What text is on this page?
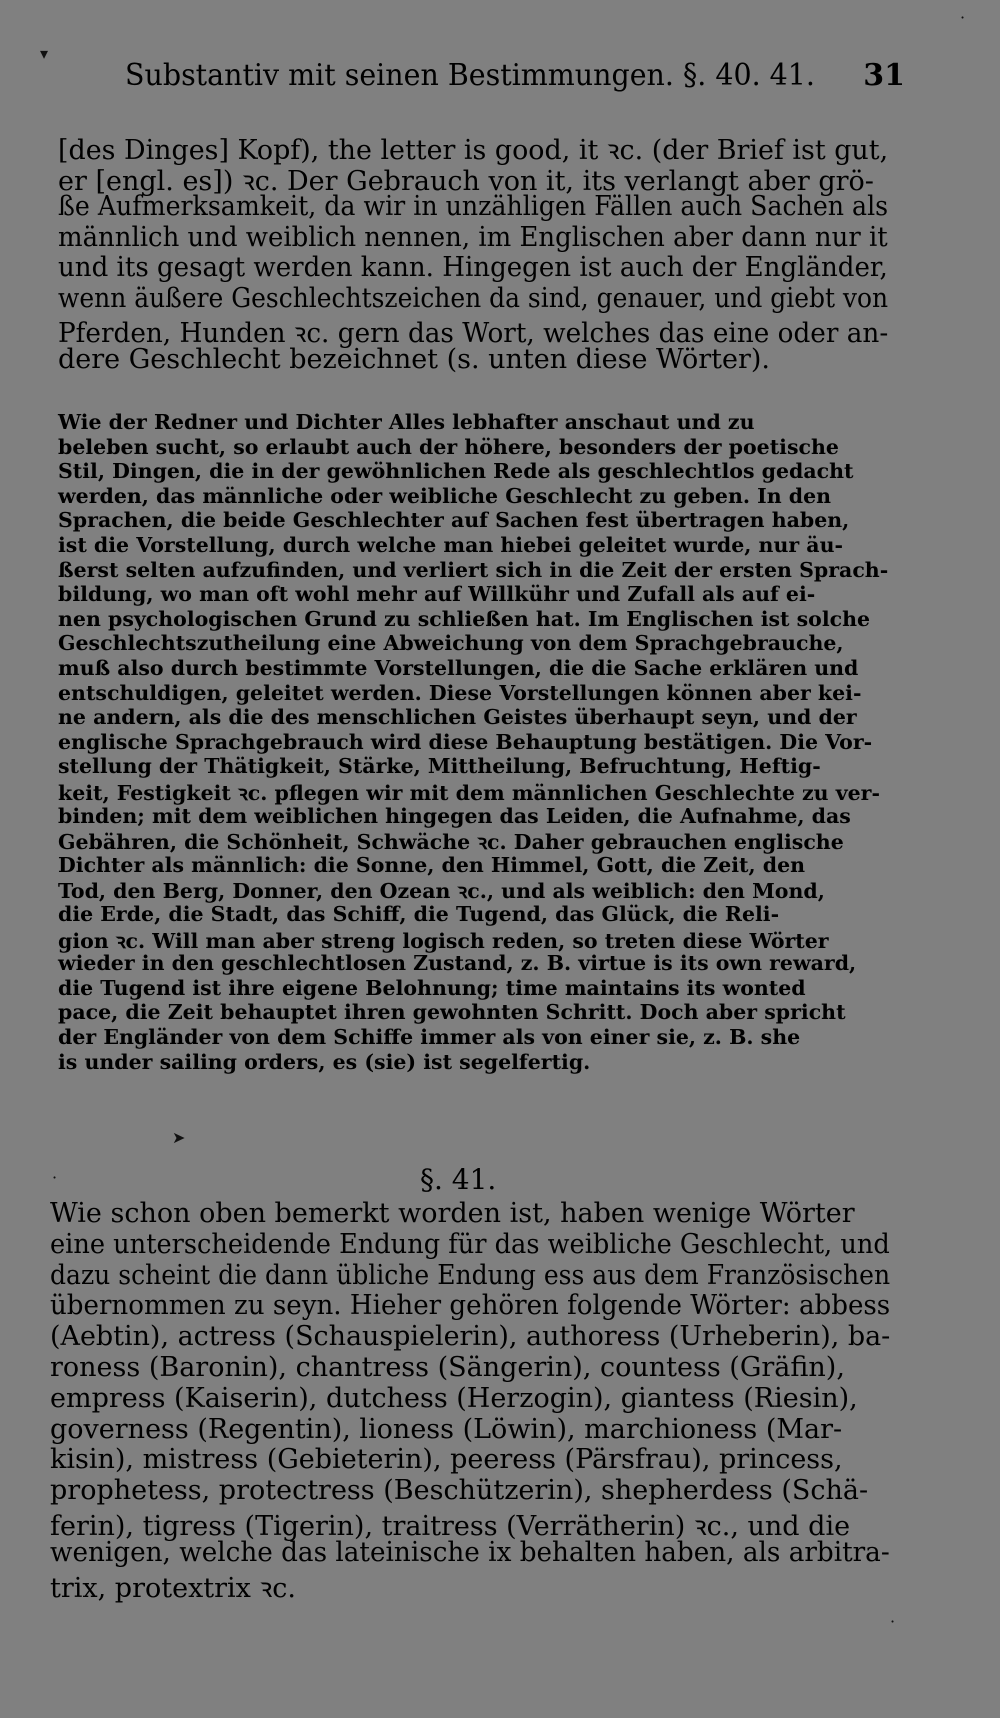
Substantiv mit seinen Bestimmungen. §. 40. 41. 31
[des Dinges] Kopf), the letter is good, it ꝛc. (der Brief ist gut,
er [engl. es]) ꝛc. Der Gebrauch von it, its verlangt aber grö-
ße Aufmerksamkeit, da wir in unzähligen Fällen auch Sachen als
männlich und weiblich nennen, im Englischen aber dann nur it
und its gesagt werden kann. Hingegen ist auch der Engländer,
wenn äußere Geschlechtszeichen da sind, genauer, und giebt von
Pferden, Hunden ꝛc. gern das Wort, welches das eine oder an-
dere Geschlecht bezeichnet (s. unten diese Wörter).
Wie der Redner und Dichter Alles lebhafter anschaut und zu
beleben sucht, so erlaubt auch der höhere, besonders der poetische
Stil, Dingen, die in der gewöhnlichen Rede als geschlechtlos gedacht
werden, das männliche oder weibliche Geschlecht zu geben. In den
Sprachen, die beide Geschlechter auf Sachen fest übertragen haben,
ist die Vorstellung, durch welche man hiebei geleitet wurde, nur äu-
ßerst selten aufzufinden, und verliert sich in die Zeit der ersten Sprach-
bildung, wo man oft wohl mehr auf Willkühr und Zufall als auf ei-
nen psychologischen Grund zu schließen hat. Im Englischen ist solche
Geschlechtszutheilung eine Abweichung von dem Sprachgebrauche,
muß also durch bestimmte Vorstellungen, die die Sache erklären und
entschuldigen, geleitet werden. Diese Vorstellungen können aber kei-
ne andern, als die des menschlichen Geistes überhaupt seyn, und der
englische Sprachgebrauch wird diese Behauptung bestätigen. Die Vor-
stellung der Thätigkeit, Stärke, Mittheilung, Befruchtung, Heftig-
keit, Festigkeit ꝛc. pflegen wir mit dem männlichen Geschlechte zu ver-
binden; mit dem weiblichen hingegen das Leiden, die Aufnahme, das
Gebähren, die Schönheit, Schwäche ꝛc. Daher gebrauchen englische
Dichter als männlich: die Sonne, den Himmel, Gott, die Zeit, den
Tod, den Berg, Donner, den Ozean ꝛc., und als weiblich: den Mond,
die Erde, die Stadt, das Schiff, die Tugend, das Glück, die Reli-
gion ꝛc. Will man aber streng logisch reden, so treten diese Wörter
wieder in den geschlechtlosen Zustand, z. B. virtue is its own reward,
die Tugend ist ihre eigene Belohnung; time maintains its wonted
pace, die Zeit behauptet ihren gewohnten Schritt. Doch aber spricht
der Engländer von dem Schiffe immer als von einer sie, z. B. she
is under sailing orders, es (sie) ist segelfertig.
§. 41.
Wie schon oben bemerkt worden ist, haben wenige Wörter
eine unterscheidende Endung für das weibliche Geschlecht, und
dazu scheint die dann übliche Endung ess aus dem Französischen
übernommen zu seyn. Hieher gehören folgende Wörter: abbess
(Aebtin), actress (Schauspielerin), authoress (Urheberin), ba-
roness (Baronin), chantress (Sängerin), countess (Gräfin),
empress (Kaiserin), dutchess (Herzogin), giantess (Riesin),
governess (Regentin), lioness (Löwin), marchioness (Mar-
kisin), mistress (Gebieterin), peeress (Pärsfrau), princess,
prophetess, protectress (Beschützerin), shepherdess (Schä-
ferin), tigress (Tigerin), traitress (Verrätherin) ꝛc., und die
wenigen, welche das lateinische ix behalten haben, als arbitra-
trix, protextrix ꝛc.
▾
·
➤
·
·
